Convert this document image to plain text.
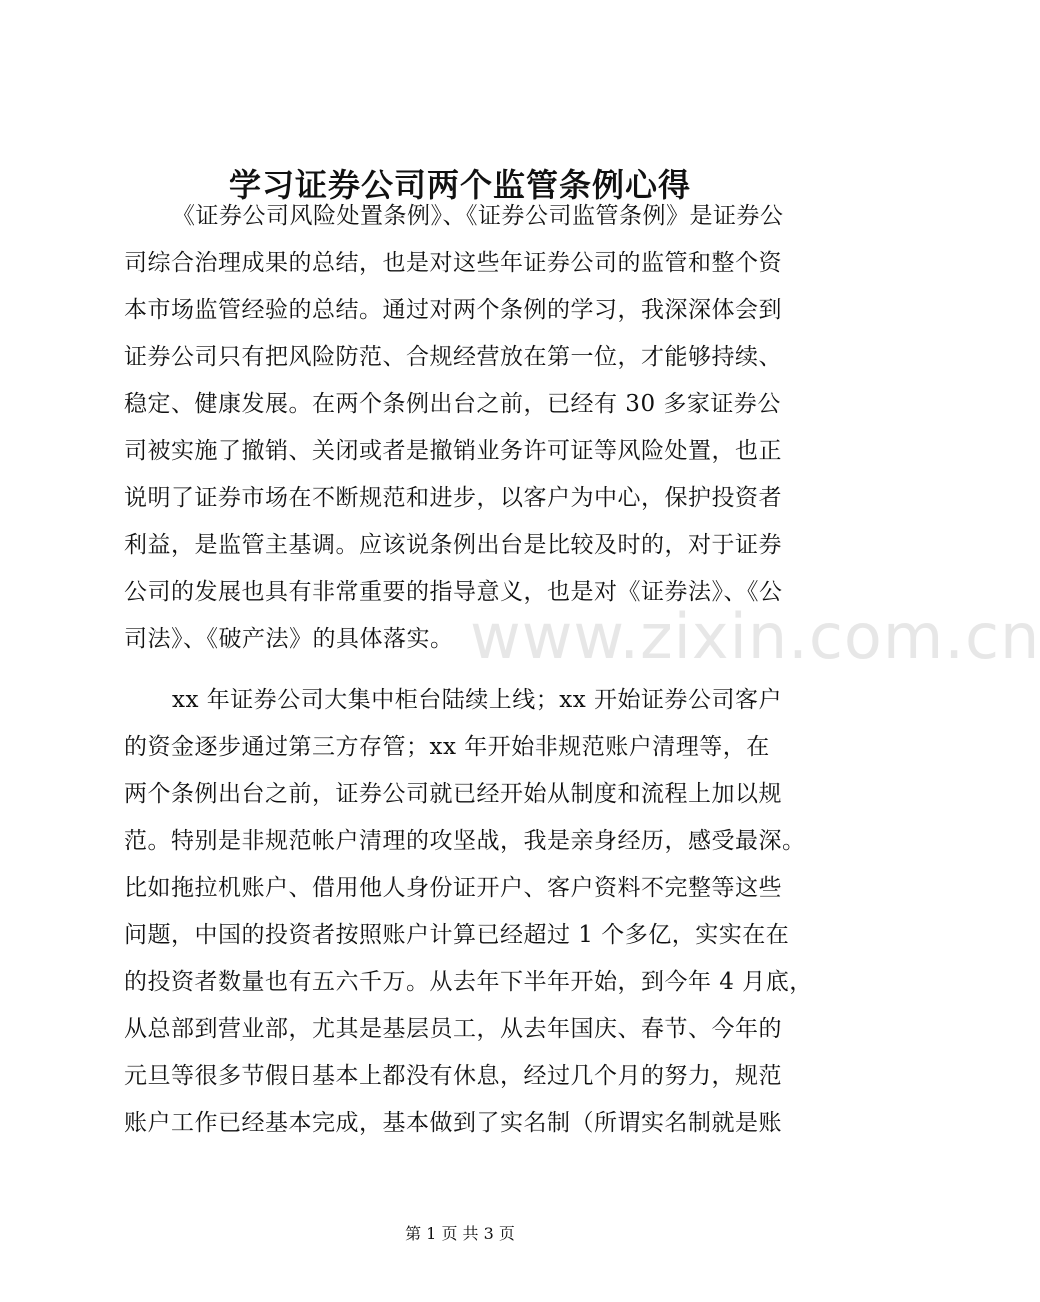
学习证券公司两个监管条例心得
《证券公司风险处置条例》、《证券公司监管条例》是证券公
司综合治理成果的总结，也是对这些年证券公司的监管和整个资
本市场监管经验的总结。通过对两个条例的学习，我深深体会到
证券公司只有把风险防范、合规经营放在第一位，才能够持续、
稳定、健康发展。在两个条例出台之前，已经有 30 多家证券公
司被实施了撤销、关闭或者是撤销业务许可证等风险处置，也正
说明了证券市场在不断规范和进步，以客户为中心，保护投资者
利益，是监管主基调。应该说条例出台是比较及时的，对于证券
公司的发展也具有非常重要的指导意义，也是对《证券法》、《公
司法》、《破产法》的具体落实。
xx 年证券公司大集中柜台陆续上线；xx 开始证券公司客户
的资金逐步通过第三方存管；xx 年开始非规范账户清理等，在
两个条例出台之前，证券公司就已经开始从制度和流程上加以规
范。特别是非规范帐户清理的攻坚战，我是亲身经历，感受最深。
比如拖拉机账户、借用他人身份证开户、客户资料不完整等这些
问题，中国的投资者按照账户计算已经超过 1 个多亿，实实在在
的投资者数量也有五六千万。从去年下半年开始，到今年 4 月底，
从总部到营业部，尤其是基层员工，从去年国庆、春节、今年的
元旦等很多节假日基本上都没有休息，经过几个月的努力，规范
账户工作已经基本完成，基本做到了实名制（所谓实名制就是账
www.zixin.com.cn
第 1 页 共 3 页
